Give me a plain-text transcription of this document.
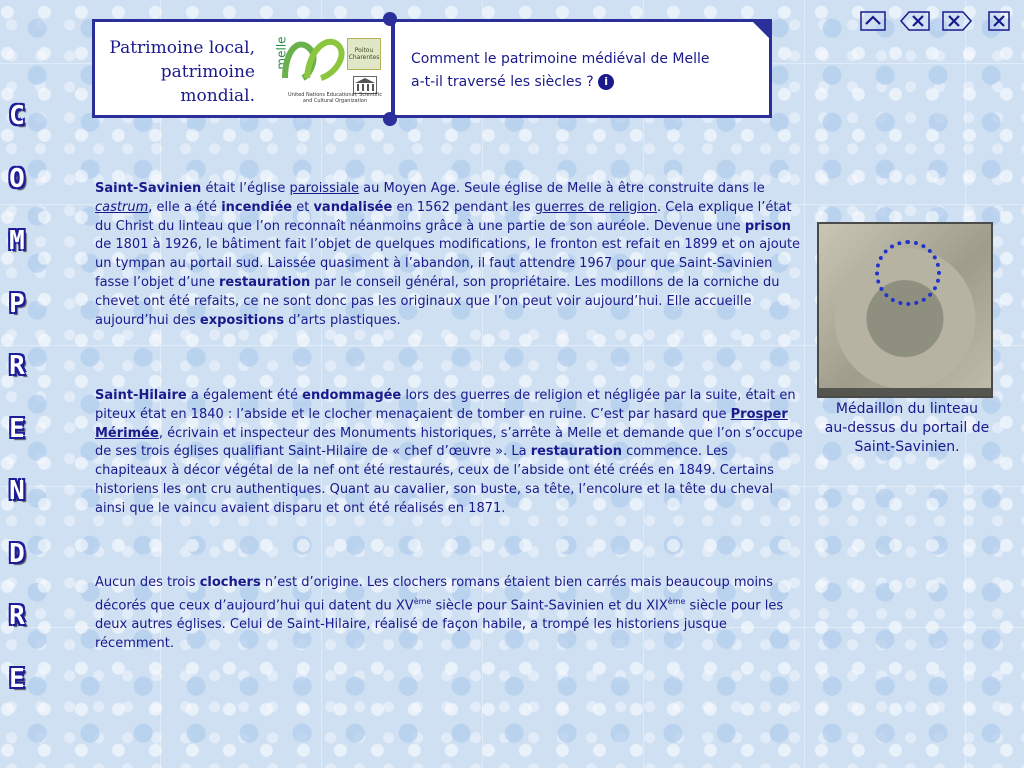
C
O
M
P
R
E
N
D
R
E
Patrimoine local,
patrimoine
mondial.
melle	Poitou Charentes
United Nations Educational, Scientific and Cultural Organization
Comment le patrimoine médiéval de Melle
a-t-il traversé les siècles ? i
Saint-Savinien était l’église paroissiale au Moyen Age. Seule église de Melle à être construite dans le castrum, elle a été incendiée et vandalisée en 1562 pendant les guerres de religion. Cela explique l’état du Christ du linteau que l’on reconnaît néanmoins grâce à une partie de son auréole. Devenue une prison de 1801 à 1926, le bâtiment fait l’objet de quelques modifications, le fronton est refait en 1899 et on ajoute un tympan au portail sud. Laissée quasiment à l’abandon, il faut attendre 1967 pour que Saint-Savinien fasse l’objet d’une restauration par le conseil général, son propriétaire. Les modillons de la corniche du chevet ont été refaits, ce ne sont donc pas les originaux que l’on peut voir aujourd’hui. Elle accueille aujourd’hui des expositions d’arts plastiques.
Saint-Hilaire a également été endommagée lors des guerres de religion et négligée par la suite, était en piteux état en 1840 : l’abside et le clocher menaçaient de tomber en ruine. C’est par hasard que Prosper Mérimée, écrivain et inspecteur des Monuments historiques, s’arrête à Melle et demande que l’on s’occupe de ses trois églises qualifiant Saint-Hilaire de « chef d’œuvre ». La restauration commence. Les chapiteaux à décor végétal de la nef ont été restaurés, ceux de l’abside ont été créés en 1849. Certains historiens les ont cru authentiques. Quant au cavalier, son buste, sa tête, l’encolure et la tête du cheval ainsi que le vaincu avaient disparu et ont été réalisés en 1871.
Aucun des trois clochers n’est d’origine. Les clochers romans étaient bien carrés mais beaucoup moins décorés que ceux d’aujourd’hui qui datent du XVème siècle pour Saint-Savinien et du XIXème siècle pour les deux autres églises. Celui de Saint-Hilaire, réalisé de façon habile, a trompé les historiens jusque récemment.
Médaillon du linteau au-dessus du portail de Saint-Savinien.
